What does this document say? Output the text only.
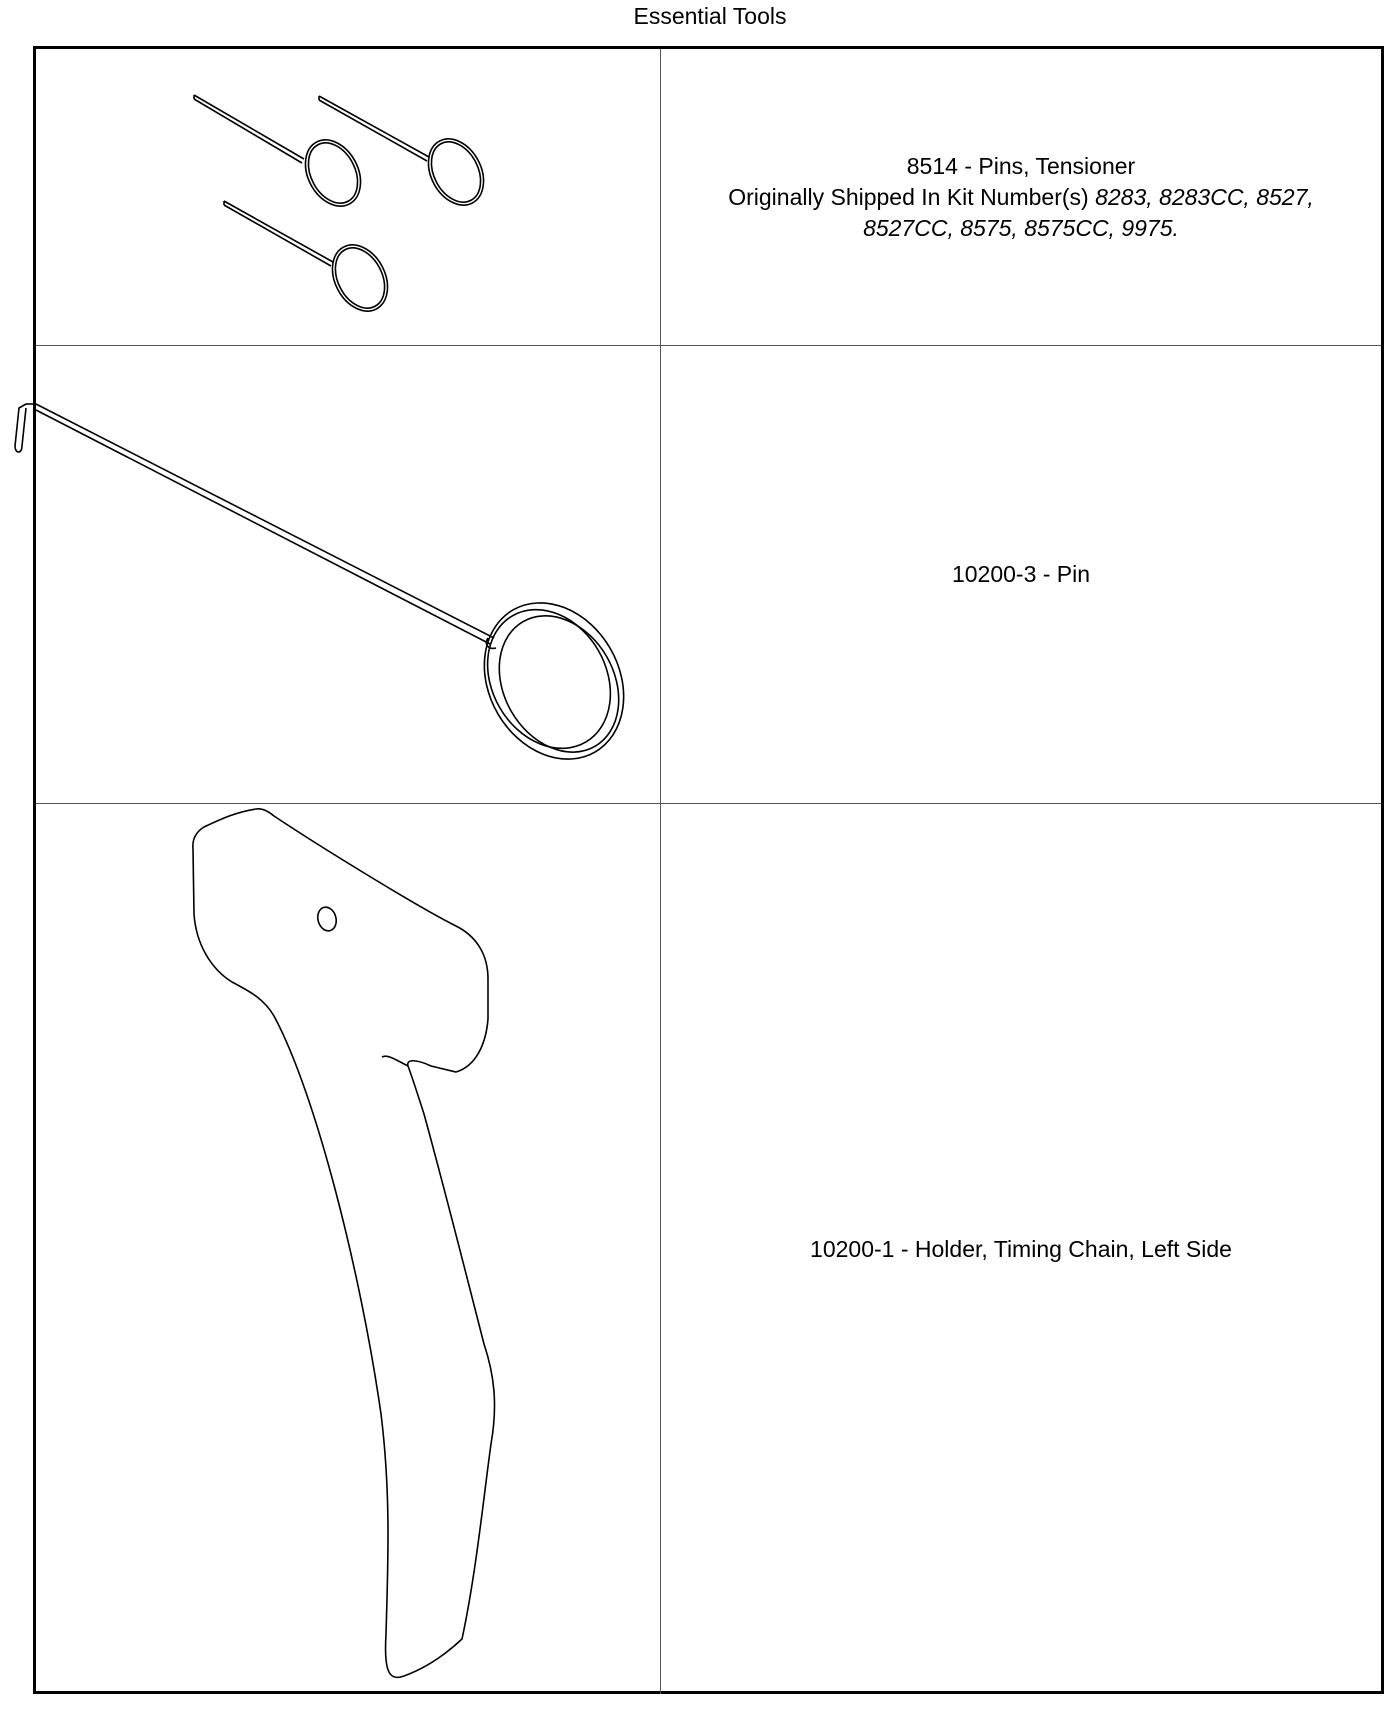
Essential Tools
8514 - Pins, Tensioner
Originally Shipped In Kit Number(s) 8283, 8283CC, 8527,
8527CC, 8575, 8575CC, 9975.
10200-3 - Pin
10200-1 - Holder, Timing Chain, Left Side
